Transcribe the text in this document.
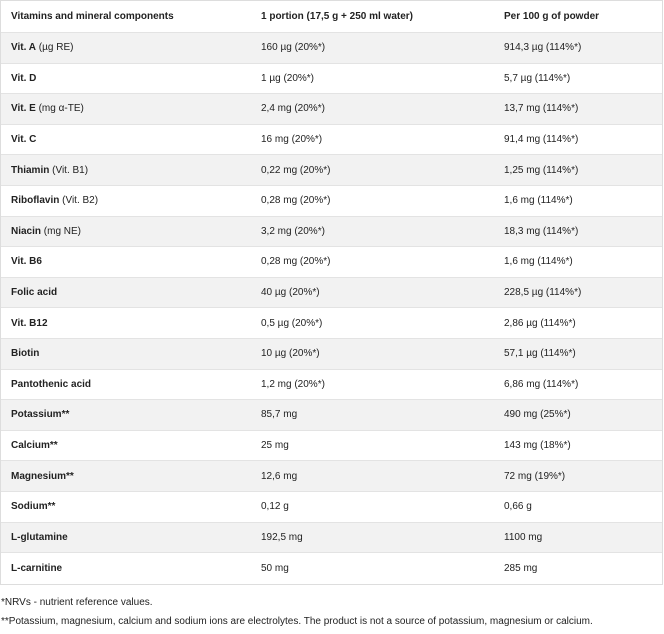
Vitamins and mineral components	1 portion (17,5 g + 250 ml water)	Per 100 g of powder
Vit. A (µg RE)	160 µg (20%*)	914,3 µg (114%*)
Vit. D	1 µg (20%*)	5,7 µg (114%*)
Vit. E (mg α-TE)	2,4 mg (20%*)	13,7 mg (114%*)
Vit. C	16 mg (20%*)	91,4 mg (114%*)
Thiamin (Vit. B1)	0,22 mg (20%*)	1,25 mg (114%*)
Riboflavin (Vit. B2)	0,28 mg (20%*)	1,6 mg (114%*)
Niacin (mg NE)	3,2 mg (20%*)	18,3 mg (114%*)
Vit. B6	0,28 mg (20%*)	1,6 mg (114%*)
Folic acid	40 µg (20%*)	228,5 µg (114%*)
Vit. B12	0,5 µg (20%*)	2,86 µg (114%*)
Biotin	10 µg (20%*)	57,1 µg (114%*)
Pantothenic acid	1,2 mg (20%*)	6,86 mg (114%*)
Potassium**	85,7 mg	490 mg (25%*)
Calcium**	25 mg	143 mg (18%*)
Magnesium**	12,6 mg	72 mg (19%*)
Sodium**	0,12 g	0,66 g
L-glutamine	192,5 mg	1100 mg
L-carnitine	50 mg	285 mg

*NRVs - nutrient reference values.

**Potassium, magnesium, calcium and sodium ions are electrolytes. The product is not a source of potassium, magnesium or calcium.
